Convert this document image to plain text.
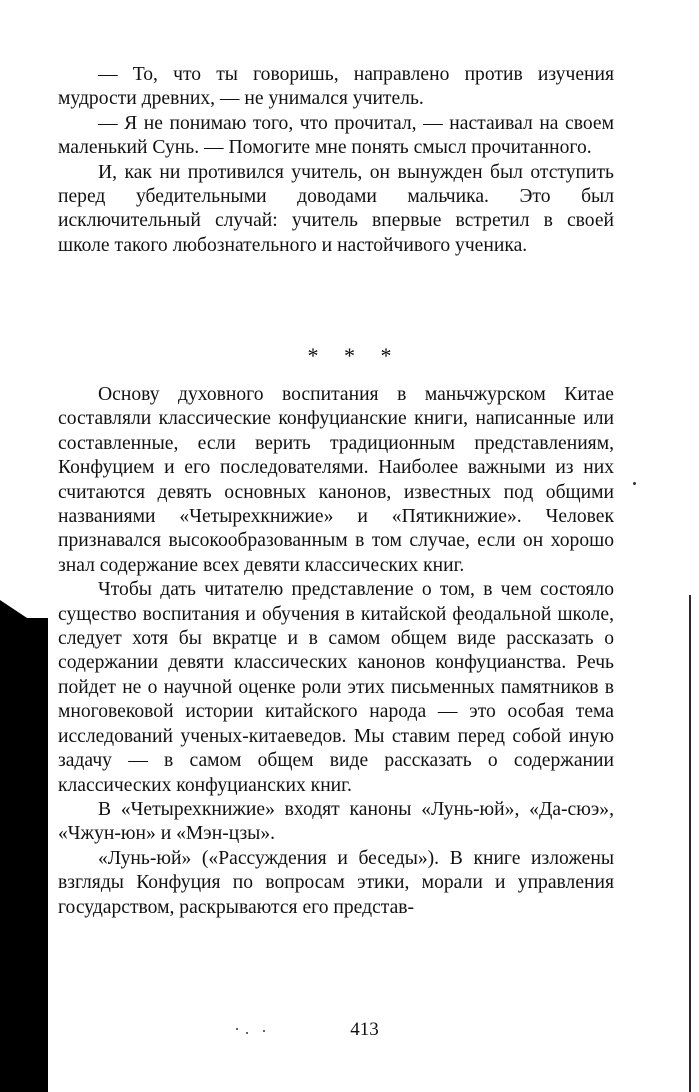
— То, что ты говоришь, направлено против изучения мудрости древних, — не унимался учитель.

— Я не понимаю того, что прочитал, — настаивал на своем маленький Сунь. — Помогите мне понять смысл прочитанного.

И, как ни противился учитель, он вынужден был отступить перед убедительными доводами мальчика. Это был исключительный случай: учитель впервые встретил в своей школе такого любознательного и настойчивого ученика.

* * *

Основу духовного воспитания в маньчжурском Китае составляли классические конфуцианские книги, написанные или составленные, если верить традиционным представлениям, Конфуцием и его последователями. Наиболее важными из них считаются девять основных канонов, известных под общими названиями «Четырехкнижие» и «Пятикнижие». Человек признавался высокообразованным в том случае, если он хорошо знал содержание всех девяти классических книг.

Чтобы дать читателю представление о том, в чем состояло существо воспитания и обучения в китайской феодальной школе, следует хотя бы вкратце и в самом общем виде рассказать о содержании девяти классических канонов конфуцианства. Речь пойдет не о научной оценке роли этих письменных памятников в многовековой истории китайского народа — это особая тема исследований ученых-китаеведов. Мы ставим перед собой иную задачу — в самом общем виде рассказать о содержании классических конфуцианских книг.

В «Четырехкнижие» входят каноны «Лунь-юй», «Да-сюэ», «Чжун-юн» и «Мэн-цзы».

«Лунь-юй» («Рассуждения и беседы»). В книге изложены взгляды Конфуция по вопросам этики, морали и управления государством, раскрываются его представ-

413
